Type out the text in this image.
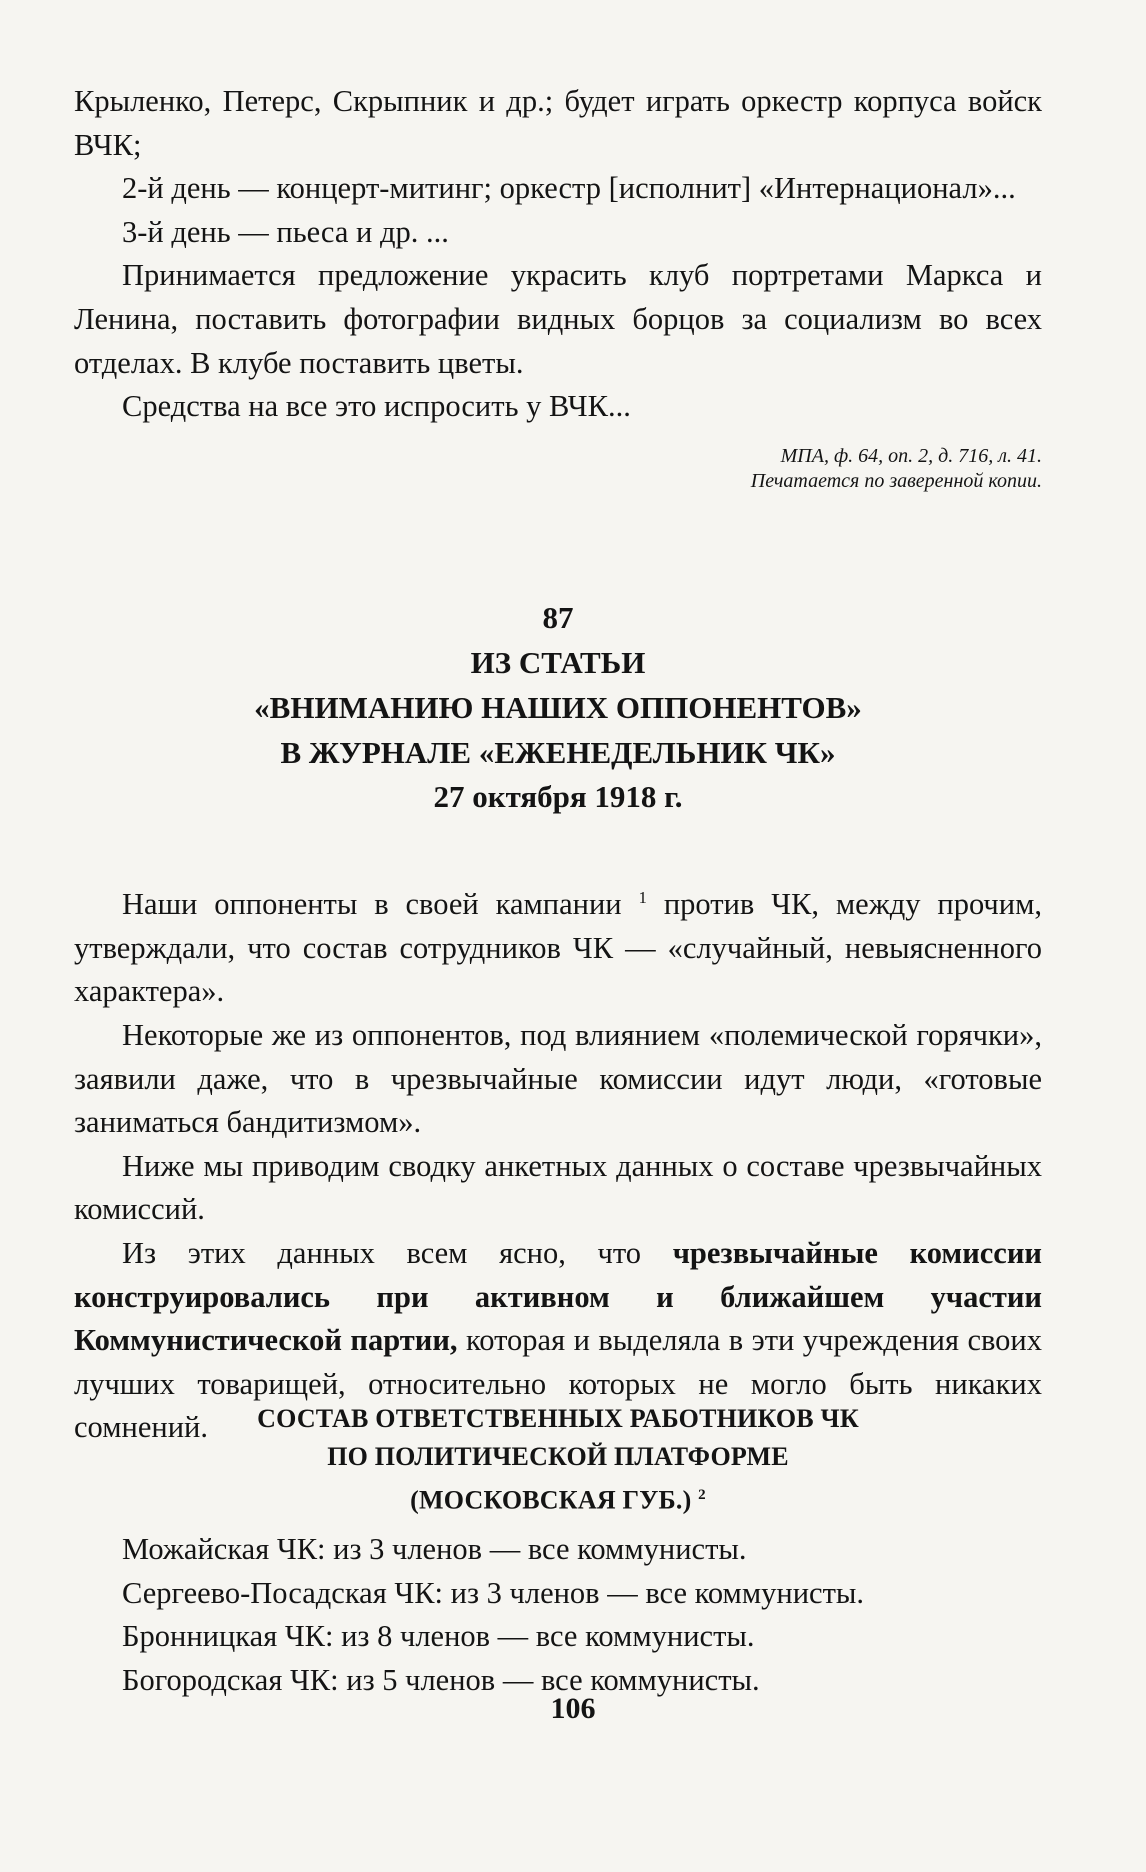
Крыленко, Петерс, Скрыпник и др.; будет играть оркестр корпуса войск ВЧК;

2-й день — концерт-митинг; оркестр [исполнит] «Интернационал»...

3-й день — пьеса и др. ...

Принимается предложение украсить клуб портретами Маркса и Ленина, поставить фотографии видных борцов за социализм во всех отделах. В клубе поставить цветы.

Средства на все это испросить у ВЧК...

МПА, ф. 64, оп. 2, д. 716, л. 41.
Печатается по заверенной копии.

87

ИЗ СТАТЬИ

«ВНИМАНИЮ НАШИХ ОППОНЕНТОВ»

В ЖУРНАЛЕ «ЕЖЕНЕДЕЛЬНИК ЧК»

27 октября 1918 г.

Наши оппоненты в своей кампании $^1$ против ЧК, между прочим, утверждали, что состав сотрудников ЧК — «случайный, невыясненного характера».

Некоторые же из оппонентов, под влиянием «полемической горячки», заявили даже, что в чрезвычайные комиссии идут люди, «готовые заниматься бандитизмом».

Ниже мы приводим сводку анкетных данных о составе чрезвычайных комиссий.

Из этих данных всем ясно, что чрезвычайные комиссии конструировались при активном и ближайшем участии Коммунистической партии, которая и выделяла в эти учреждения своих лучших товарищей, относительно которых не могло быть никаких сомнений.	СОСТАВ ОТВЕТСТВЕННЫХ РАБОТНИКОВ ЧК

ПО ПОЛИТИЧЕСКОЙ ПЛАТФОРМЕ

(МОСКОВСКАЯ ГУБ.) $^2$

Можайская ЧК: из 3 членов — все коммунисты.

Сергеево-Посадская ЧК: из 3 членов — все коммунисты.

Бронницкая ЧК: из 8 членов — все коммунисты.

Богородская ЧК: из 5 членов — все коммунисты.

106
